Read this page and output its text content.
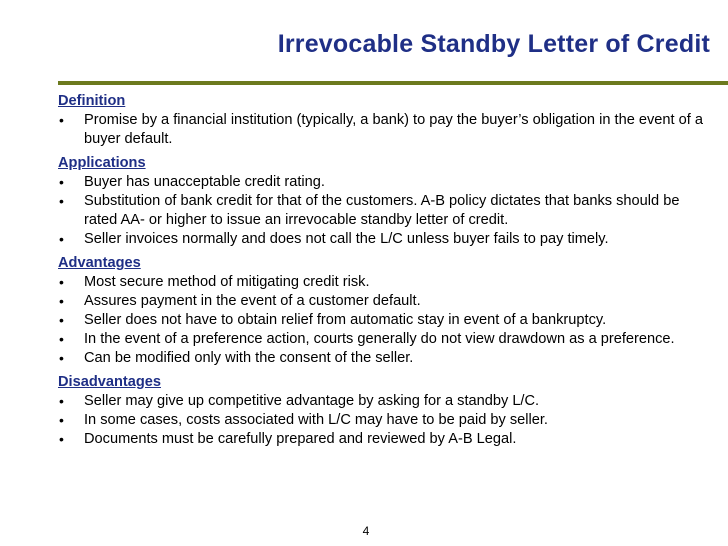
Irrevocable Standby Letter of Credit
Definition
• Promise by a financial institution (typically, a bank) to pay the buyer’s obligation in the event of a buyer default.
Applications
• Buyer has unacceptable credit rating.
• Substitution of bank credit for that of the customers. A-B policy dictates that banks should be rated AA- or higher to issue an irrevocable standby letter of credit.
• Seller invoices normally and does not call the L/C unless buyer fails to pay timely.
Advantages
• Most secure method of mitigating credit risk.
• Assures payment in the event of a customer default.
• Seller does not have to obtain relief from automatic stay in event of a bankruptcy.
• In the event of a preference action, courts generally do not view drawdown as a preference.
• Can be modified only with the consent of the seller.
Disadvantages
• Seller may give up competitive advantage by asking for a standby L/C.
• In some cases, costs associated with L/C may have to be paid by seller.
• Documents must be carefully prepared and reviewed by A-B Legal.
4
